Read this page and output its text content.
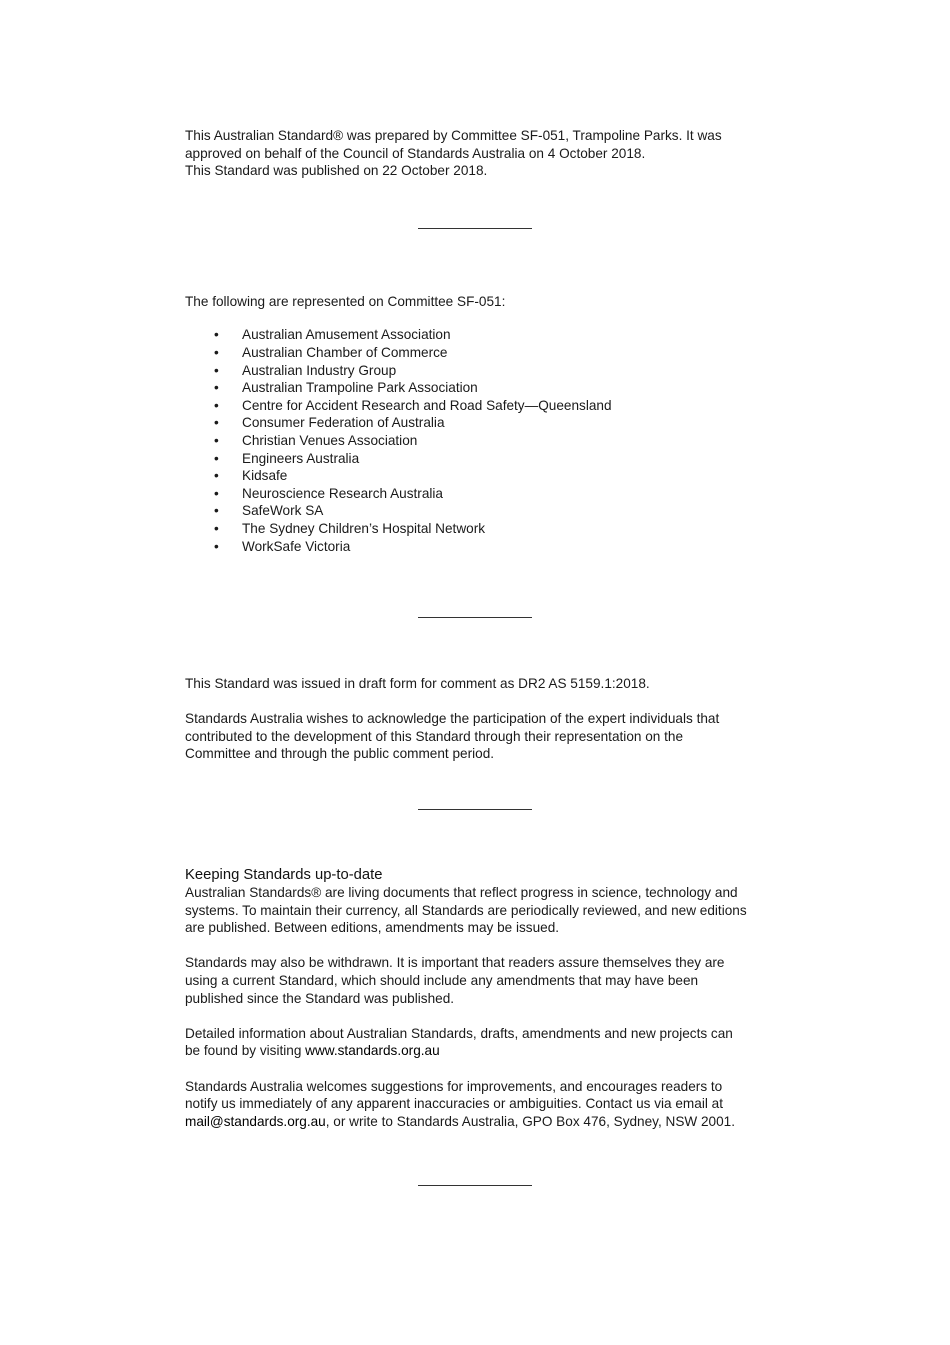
This Australian Standard® was prepared by Committee SF-051, Trampoline Parks. It was

approved on behalf of the Council of Standards Australia on 4 October 2018.

This Standard was published on 22 October 2018.

The following are represented on Committee SF-051:

• Australian Amusement Association
• Australian Chamber of Commerce
• Australian Industry Group
• Australian Trampoline Park Association
• Centre for Accident Research and Road Safety—Queensland
• Consumer Federation of Australia
• Christian Venues Association
• Engineers Australia
• Kidsafe
• Neuroscience Research Australia
• SafeWork SA
• The Sydney Children’s Hospital Network
• WorkSafe Victoria

This Standard was issued in draft form for comment as DR2 AS 5159.1:2018.

Standards Australia wishes to acknowledge the participation of the expert individuals that

contributed to the development of this Standard through their representation on the

Committee and through the public comment period.

Keeping Standards up-to-date

Australian Standards® are living documents that reflect progress in science, technology and

systems. To maintain their currency, all Standards are periodically reviewed, and new editions

are published. Between editions, amendments may be issued.

Standards may also be withdrawn. It is important that readers assure themselves they are

using a current Standard, which should include any amendments that may have been

published since the Standard was published.

Detailed information about Australian Standards, drafts, amendments and new projects can

be found by visiting www.standards.org.au

Standards Australia welcomes suggestions for improvements, and encourages readers to

notify us immediately of any apparent inaccuracies or ambiguities. Contact us via email at

mail@standards.org.au, or write to Standards Australia, GPO Box 476, Sydney, NSW 2001.
